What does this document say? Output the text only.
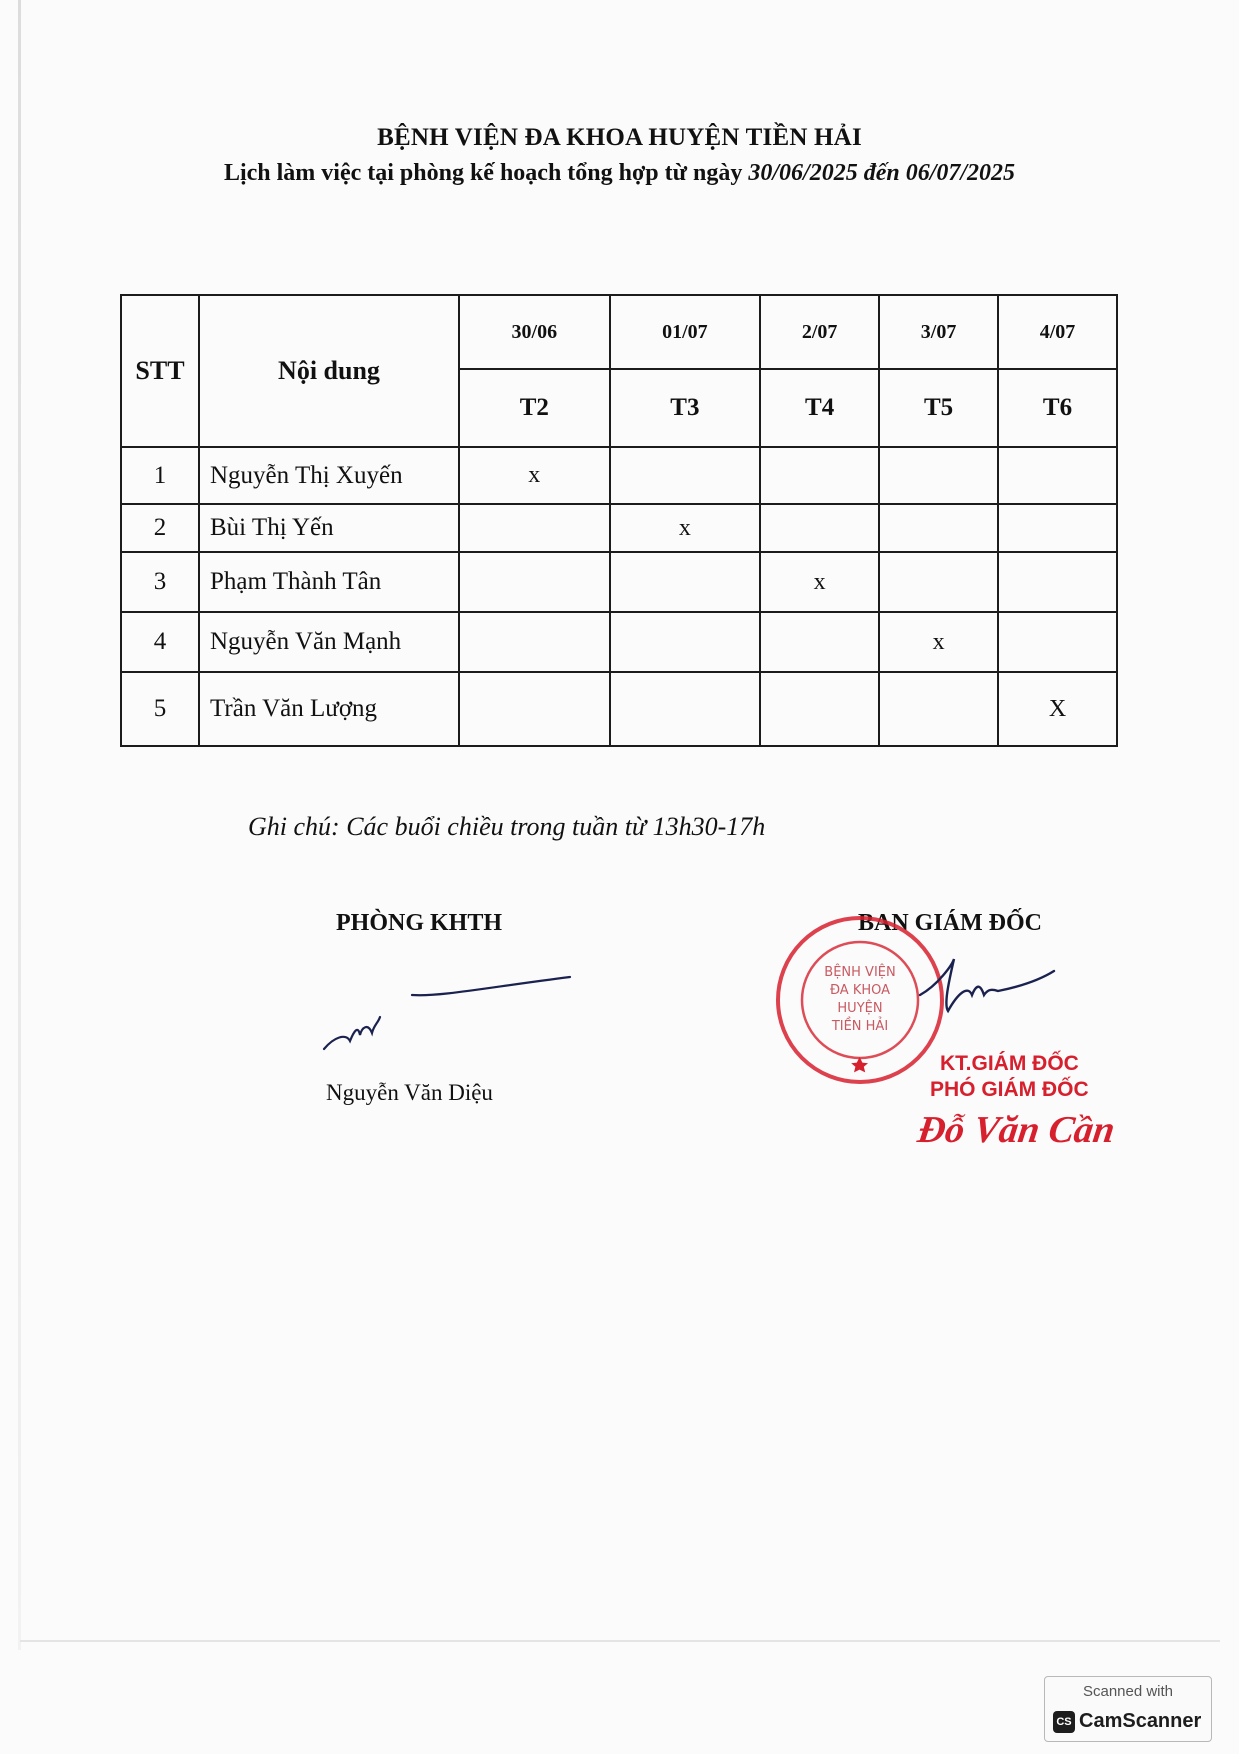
BỆNH VIỆN ĐA KHOA HUYỆN TIỀN HẢI
Lịch làm việc tại phòng kế hoạch tổng hợp từ ngày 30/06/2025 đến 06/07/2025
STT	Nội dung	30/06	01/07	2/07	3/07	4/07
		T2	T3	T4	T5	T6
1	Nguyễn Thị Xuyến	x				
2	Bùi Thị Yến		x			
3	Phạm Thành Tân			x		
4	Nguyễn Văn Mạnh				x	
5	Trần Văn Lượng					X
Ghi chú: Các buổi chiều trong tuần từ 13h30-17h
PHÒNG KHTH
Nguyễn Văn Diệu
BAN GIÁM ĐỐC
BỆNH VIỆN
ĐA KHOA
HUYỆN
TIỀN HẢI
KT.GIÁM ĐỐC
PHÓ GIÁM ĐỐC
Đỗ Văn Cần
Scanned with
CS CamScanner
